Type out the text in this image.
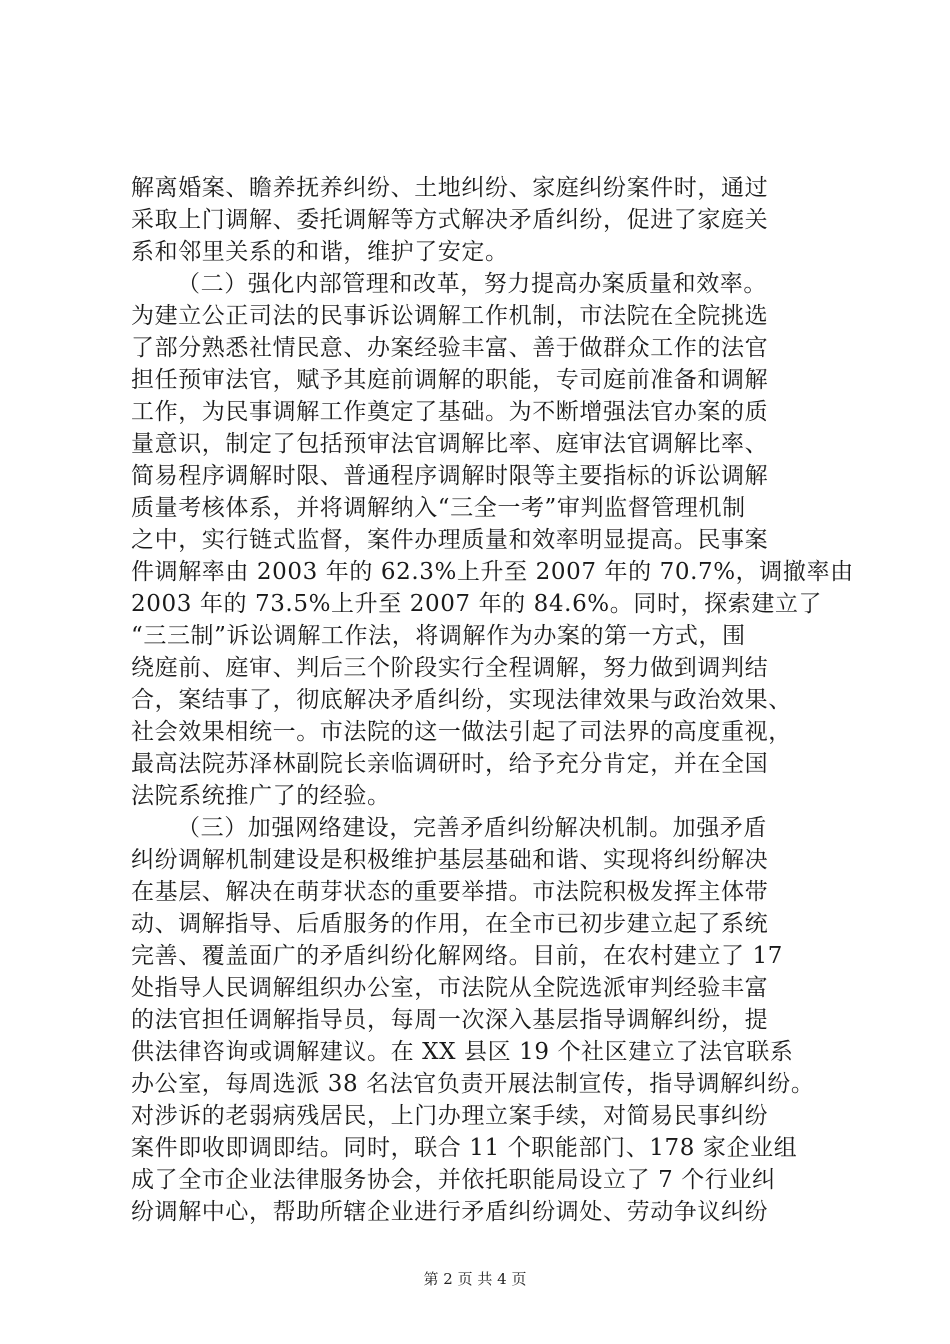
解离婚案、瞻养抚养纠纷、土地纠纷、家庭纠纷案件时，通过
采取上门调解、委托调解等方式解决矛盾纠纷，促进了家庭关
系和邻里关系的和谐，维护了安定。
（二）强化内部管理和改革，努力提高办案质量和效率。
为建立公正司法的民事诉讼调解工作机制，市法院在全院挑选
了部分熟悉社情民意、办案经验丰富、善于做群众工作的法官
担任预审法官，赋予其庭前调解的职能，专司庭前准备和调解
工作，为民事调解工作奠定了基础。为不断增强法官办案的质
量意识，制定了包括预审法官调解比率、庭审法官调解比率、
简易程序调解时限、普通程序调解时限等主要指标的诉讼调解
质量考核体系，并将调解纳入“三全一考”审判监督管理机制
之中，实行链式监督，案件办理质量和效率明显提高。民事案
件调解率由 2003 年的 62.3%上升至 2007 年的 70.7%，调撤率由
2003 年的 73.5%上升至 2007 年的 84.6%。同时，探索建立了
“三三制”诉讼调解工作法，将调解作为办案的第一方式，围
绕庭前、庭审、判后三个阶段实行全程调解，努力做到调判结
合，案结事了，彻底解决矛盾纠纷，实现法律效果与政治效果、
社会效果相统一。市法院的这一做法引起了司法界的高度重视，
最高法院苏泽林副院长亲临调研时，给予充分肯定，并在全国
法院系统推广了的经验。
（三）加强网络建设，完善矛盾纠纷解决机制。加强矛盾
纠纷调解机制建设是积极维护基层基础和谐、实现将纠纷解决
在基层、解决在萌芽状态的重要举措。市法院积极发挥主体带
动、调解指导、后盾服务的作用，在全市已初步建立起了系统
完善、覆盖面广的矛盾纠纷化解网络。目前，在农村建立了 17
处指导人民调解组织办公室，市法院从全院选派审判经验丰富
的法官担任调解指导员，每周一次深入基层指导调解纠纷，提
供法律咨询或调解建议。在 XX 县区 19 个社区建立了法官联系
办公室，每周选派 38 名法官负责开展法制宣传，指导调解纠纷。
对涉诉的老弱病残居民，上门办理立案手续，对简易民事纠纷
案件即收即调即结。同时，联合 11 个职能部门、178 家企业组
成了全市企业法律服务协会，并依托职能局设立了 7 个行业纠
纷调解中心，帮助所辖企业进行矛盾纠纷调处、劳动争议纠纷
第 2 页 共 4 页
